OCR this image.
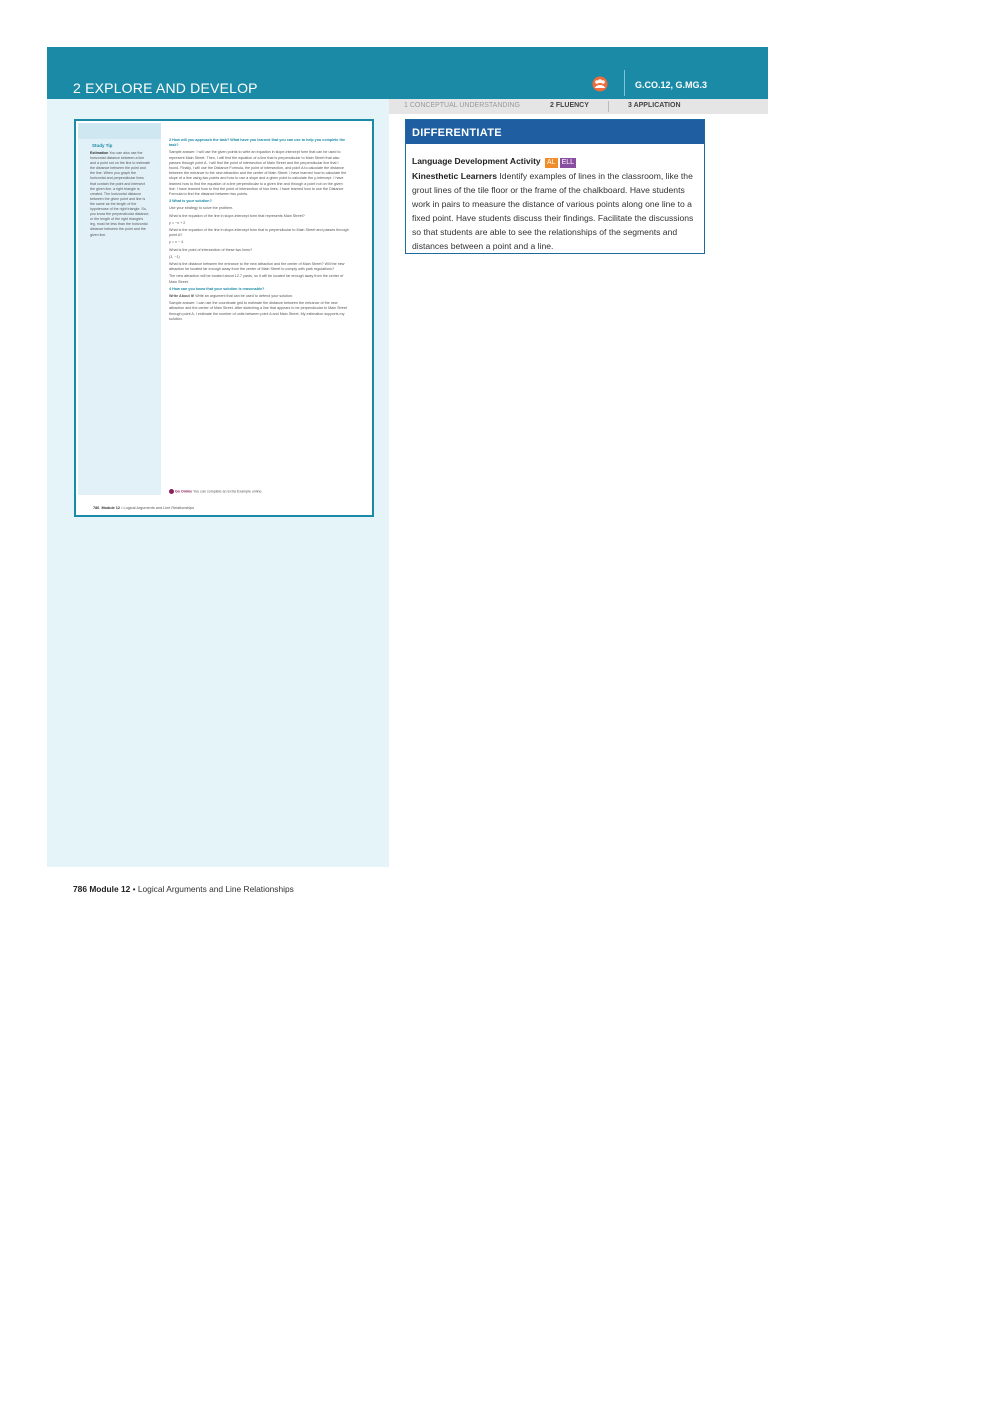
2 EXPLORE AND DEVELOP	G.CO.12, G.MG.3
1 CONCEPTUAL UNDERSTANDING	2 FLUENCY	3 APPLICATION
Study Tip
Estimation You can also use the horizontal distance between a line and a point not on the line to estimate the distance between the point and the line. When you graph the horizontal and perpendicular lines that contain the point and intersect the given line, a right triangle is created. The horizontal distance between the given point and line is the same as the length of the hypotenuse of the right triangle. So, you know the perpendicular distance, or the length of the right triangle's leg, must be less than the horizontal distance between the point and the given line.

2 How will you approach the task? What have you learned that you can use to help you complete the task?

Sample answer: I will use the given points to write an equation in slope-intercept form that can be used to represent Main Street. Then, I will find the equation of a line that is perpendicular to Main Street that also passes through point A. I will find the point of intersection of Main Street and the perpendicular line that I found. Finally, I will use the Distance Formula, the point of intersection, and point A to calculate the distance between the entrance to the new attraction and the center of Main Street. I have learned how to calculate the slope of a line using two points and how to use a slope and a given point to calculate the y-intercept. I have learned how to find the equation of a line perpendicular to a given line and through a point not on the given line. I have learned how to find the point of intersection of two lines. I have learned how to use the Distance Formula to find the distance between two points.

3 What is your solution?

Use your strategy to solve the problem.

What is the equation of the line in slope-intercept form that represents Main Street?

y = −x + 2

What is the equation of the line in slope-intercept form that is perpendicular to Main Street and passes through point A?

y = x − 4

What is the point of intersection of these two lines?

(3, −1)

What is the distance between the entrance to the new attraction and the center of Main Street? Will the new attraction be located far enough away from the center of Main Street to comply with park regulations?

The new attraction will be located about 12.7 yards, so it will be located far enough away from the center of Main Street.

4 How can you know that your solution is reasonable?

Write About It! Write an argument that can be used to defend your solution.

Sample answer: I can use the coordinate grid to estimate the distance between the entrance of the new attraction and the center of Main Street. After sketching a line that appears to be perpendicular to Main Street through point A, I estimate the number of units between point A and Main Street. My estimation supports my solution.

Go Online You can complete an Extra Example online.
786 Module 12 • Logical Arguments and Line Relationships
DIFFERENTIATE
Language Development Activity AL ELL
Kinesthetic Learners Identify examples of lines in the classroom, like the grout lines of the tile floor or the frame of the chalkboard. Have students work in pairs to measure the distance of various points along one line to a fixed point. Have students discuss their findings. Facilitate the discussions so that students are able to see the relationships of the segments and distances between a point and a line.
786 Module 12 • Logical Arguments and Line Relationships
